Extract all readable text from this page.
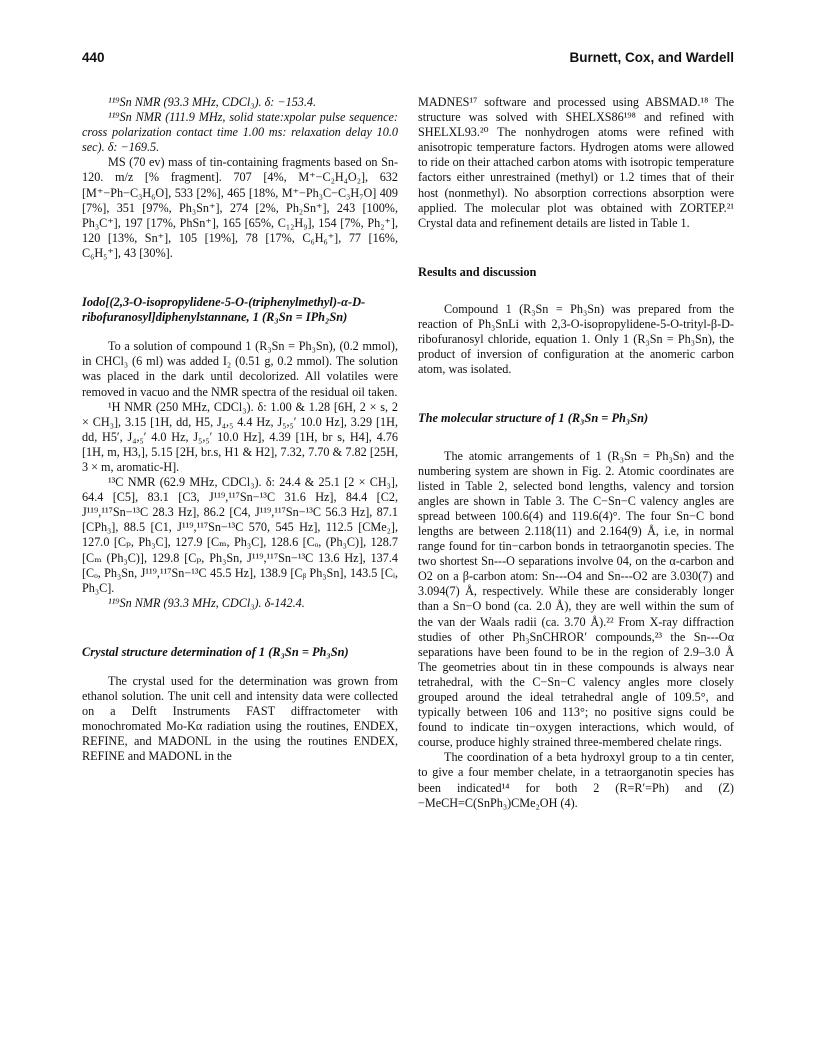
440	Burnett, Cox, and Wardell

¹¹⁹Sn NMR (93.3 MHz, CDCl₃). δ: −153.4.

¹¹⁹Sn NMR (111.9 MHz, solid state:xpolar pulse sequence: cross polarization contact time 1.00 ms: relaxation delay 10.0 sec). δ: −169.5.

MS (70 ev) mass of tin-containing fragments based on Sn-120. m/z [% fragment]. 707 [4%, M⁺−C₂H₄O₂], 632 [M⁺−Ph−C₃H₆O], 533 [2%], 465 [18%, M⁺−Ph₃C−C₃H₇O] 409 [7%], 351 [97%, Ph₃Sn⁺], 274 [2%, Ph₂Sn⁺], 243 [100%, Ph₃C⁺], 197 [17%, PhSn⁺], 165 [65%, C₁₂H₉], 154 [7%, Ph₂⁺], 120 [13%, Sn⁺], 105 [19%], 78 [17%, C₆H₆⁺], 77 [16%, C₆H₅⁺], 43 [30%].

Iodo[(2,3-O-isopropylidene-5-O-(triphenylmethyl)-α-D-ribofuranosyl]diphenylstannane, 1 (R₃Sn = IPh₂Sn)

To a solution of compound 1 (R₃Sn = Ph₃Sn), (0.2 mmol), in CHCl₃ (6 ml) was added I₂ (0.51 g, 0.2 mmol). The solution was placed in the dark until decolorized. All volatiles were removed in vacuo and the NMR spectra of the residual oil taken.

¹H NMR (250 MHz, CDCl₃). δ: 1.00 & 1.28 [6H, 2 × s, 2 × CH₃], 3.15 [1H, dd, H5, J₄,₅ 4.4 Hz, J₅,₅′ 10.0 Hz], 3.29 [1H, dd, H5′, J₄,₅′ 4.0 Hz, J₅,₅′ 10.0 Hz], 4.39 [1H, br s, H4], 4.76 [1H, m, H3,], 5.15 [2H, br.s, H1 & H2], 7.32, 7.70 & 7.82 [25H, 3 × m, aromatic-H].

¹³C NMR (62.9 MHz, CDCl₃). δ: 24.4 & 25.1 [2 × CH₃], 64.4 [C5], 83.1 [C3, J¹¹⁹,¹¹⁷Sn−¹³C 31.6 Hz], 84.4 [C2, J¹¹⁹,¹¹⁷Sn−¹³C 28.3 Hz], 86.2 [C4, J¹¹⁹,¹¹⁷Sn−¹³C 56.3 Hz], 87.1 [CPh₃], 88.5 [C1, J¹¹⁹,¹¹⁷Sn−¹³C 570, 545 Hz], 112.5 [CMe₂], 127.0 [Cₚ, Ph₃C], 127.9 [Cₘ, Ph₃C], 128.6 [Cₒ, (Ph₃C)], 128.7 [Cₘ (Ph₃C)], 129.8 [Cₚ, Ph₃Sn, J¹¹⁹,¹¹⁷Sn−¹³C 13.6 Hz], 137.4 [Cₒ, Ph₃Sn, J¹¹⁹,¹¹⁷Sn−¹³C 45.5 Hz], 138.9 [Cᵦ Ph₃Sn], 143.5 [Cᵢ, Ph₃C].

¹¹⁹Sn NMR (93.3 MHz, CDCl₃). δ-142.4.

Crystal structure determination of 1 (R₃Sn = Ph₃Sn)

The crystal used for the determination was grown from ethanol solution. The unit cell and intensity data were collected on a Delft Instruments FAST diffractometer with monochromated Mo-Kα radiation using the routines, ENDEX, REFINE, and MADONL in the using the routines ENDEX, REFINE and MADONL in the

MADNES¹⁷ software and processed using ABSMAD.¹⁸ The structure was solved with SHELXS86¹⁹⁸ and refined with SHELXL93.²⁰ The nonhydrogen atoms were refined with anisotropic temperature factors. Hydrogen atoms were allowed to ride on their attached carbon atoms with isotropic temperature factors either unrestrained (methyl) or 1.2 times that of their host (nonmethyl). No absorption corrections absorption were applied. The molecular plot was obtained with ZORTEP.²¹ Crystal data and refinement details are listed in Table 1.

Results and discussion

Compound 1 (R₃Sn = Ph₃Sn) was prepared from the reaction of Ph₃SnLi with 2,3-O-isopropylidene-5-O-trityl-β-D-ribofuranosyl chloride, equation 1. Only 1 (R₃Sn = Ph₃Sn), the product of inversion of configuration at the anomeric carbon atom, was isolated.

The molecular structure of 1 (R₃Sn = Ph₃Sn)

The atomic arrangements of 1 (R₃Sn = Ph₃Sn) and the numbering system are shown in Fig. 2. Atomic coordinates are listed in Table 2, selected bond lengths, valency and torsion angles are shown in Table 3. The C−Sn−C valency angles are spread between 100.6(4) and 119.6(4)°. The four Sn−C bond lengths are between 2.118(11) and 2.164(9) Å, i.e, in normal range found for tin−carbon bonds in tetraorganotin species. The two shortest Sn---O separations involve 04, on the α-carbon and O2 on a β-carbon atom: Sn---O4 and Sn---O2 are 3.030(7) and 3.094(7) Å, respectively. While these are considerably longer than a Sn−O bond (ca. 2.0 Å), they are well within the sum of the van der Waals radii (ca. 3.70 Å).²² From X-ray diffraction studies of other Ph₃SnCHROR′ compounds,²³ the Sn---Oα separations have been found to be in the region of 2.9–3.0 Å The geometries about tin in these compounds is always near tetrahedral, with the C−Sn−C valency angles more closely grouped around the ideal tetrahedral angle of 109.5°, and typically between 106 and 113°; no positive signs could be found to indicate tin−oxygen interactions, which would, of course, produce highly strained three-membered chelate rings.

The coordination of a beta hydroxyl group to a tin center, to give a four member chelate, in a tetraorganotin species has been indicated¹⁴ for both 2 (R=R′=Ph) and (Z)−MeCH=C(SnPh₃)CMe₂OH (4).
